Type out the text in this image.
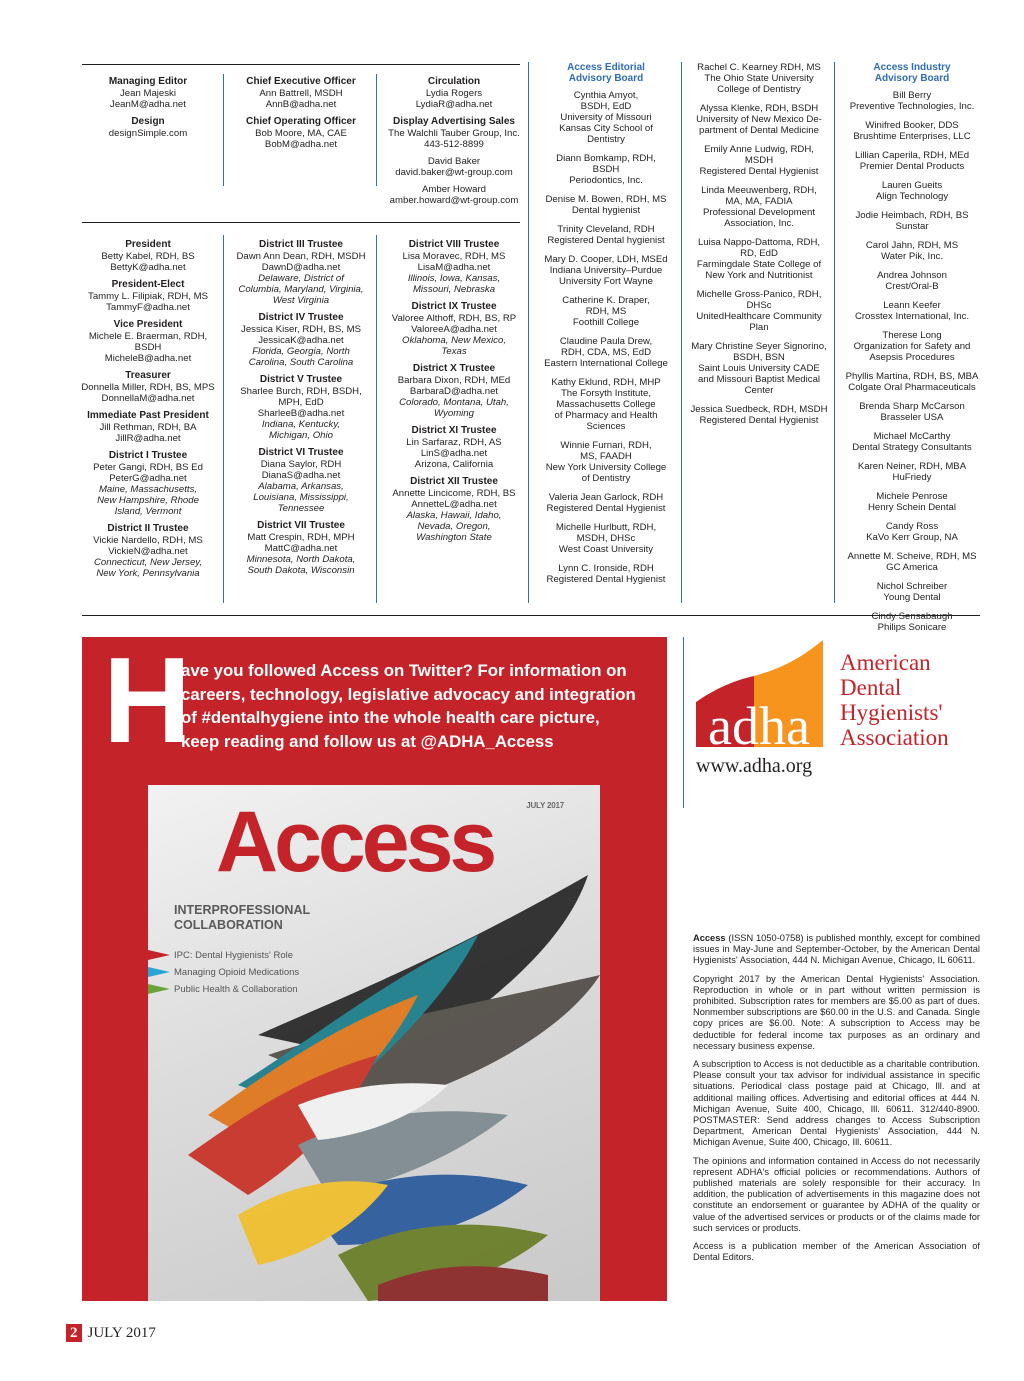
Managing Editor
Jean Majeski
JeanM@adha.net
Design
designSimple.com
Chief Executive Officer
Ann Battrell, MSDH
AnnB@adha.net
Chief Operating Officer
Bob Moore, MA, CAE
BobM@adha.net
Circulation
Lydia Rogers
LydiaR@adha.net
Display Advertising Sales
The Walchli Tauber Group, Inc.
443-512-8899
David Baker
david.baker@wt-group.com
Amber Howard
amber.howard@wt-group.com
President
Betty Kabel, RDH, BS
BettyK@adha.net
President-Elect
Tammy L. Filipiak, RDH, MS
TammyF@adha.net
Vice President
Michele E. Braerman, RDH,
BSDH
MicheleB@adha.net
Treasurer
Donnella Miller, RDH, BS, MPS
DonnellaM@adha.net
Immediate Past President
Jill Rethman, RDH, BA
JillR@adha.net
District I Trustee
Peter Gangi, RDH, BS Ed
PeterG@adha.net
Maine, Massachusetts,
New Hampshire, Rhode
Island, Vermont
District II Trustee
Vickie Nardello, RDH, MS
VickieN@adha.net
Connecticut, New Jersey,
New York, Pennsylvania
District III Trustee
Dawn Ann Dean, RDH, MSDH
DawnD@adha.net
Delaware, District of
Columbia, Maryland, Virginia,
West Virginia
District IV Trustee
Jessica Kiser, RDH, BS, MS
JessicaK@adha.net
Florida, Georgia, North
Carolina, South Carolina
District V Trustee
Sharlee Burch, RDH, BSDH,
MPH, EdD
SharleeB@adha.net
Indiana, Kentucky,
Michigan, Ohio
District VI Trustee
Diana Saylor, RDH
DianaS@adha.net
Alabama, Arkansas,
Louisiana, Mississippi,
Tennessee
District VII Trustee
Matt Crespin, RDH, MPH
MattC@adha.net
Minnesota, North Dakota,
South Dakota, Wisconsin
District VIII Trustee
Lisa Moravec, RDH, MS
LisaM@adha.net
Illinois, Iowa, Kansas,
Missouri, Nebraska
District IX Trustee
Valoree Althoff, RDH, BS, RP
ValoreeA@adha.net
Oklahoma, New Mexico,
Texas
District X Trustee
Barbara Dixon, RDH, MEd
BarbaraD@adha.net
Colorado, Montana, Utah,
Wyoming
District XI Trustee
Lin Sarfaraz, RDH, AS
LinS@adha.net
Arizona, California
District XII Trustee
Annette Lincicome, RDH, BS
AnnetteL@adha.net
Alaska, Hawaii, Idaho,
Nevada, Oregon,
Washington State
Access Editorial
Advisory Board
Cynthia Amyot,
BSDH, EdD
University of Missouri
Kansas City School of
Dentistry
Diann Bomkamp, RDH,
BSDH
Periodontics, Inc.
Denise M. Bowen, RDH, MS
Dental hygienist
Trinity Cleveland, RDH
Registered Dental hygienist
Mary D. Cooper, LDH, MSEd
Indiana University–Purdue
University Fort Wayne
Catherine K. Draper,
RDH, MS
Foothill College
Claudine Paula Drew,
RDH, CDA, MS, EdD
Eastern International College
Kathy Eklund, RDH, MHP
The Forsyth Institute,
Massachusetts College
of Pharmacy and Health
Sciences
Winnie Furnari, RDH,
MS, FAADH
New York University College
of Dentistry
Valeria Jean Garlock, RDH
Registered Dental Hygienist
Michelle Hurlbutt, RDH,
MSDH, DHSc
West Coast University
Lynn C. Ironside, RDH
Registered Dental Hygienist
Rachel C. Kearney RDH, MS
The Ohio State University
College of Dentistry
Alyssa Klenke, RDH, BSDH
University of New Mexico De-
partment of Dental Medicine
Emily Anne Ludwig, RDH,
MSDH
Registered Dental Hygienist
Linda Meeuwenberg, RDH,
MA, MA, FADIA
Professional Development
Association, Inc.
Luisa Nappo-Dattoma, RDH,
RD, EdD
Farmingdale State College of
New York and Nutritionist
Michelle Gross-Panico, RDH,
DHSc
UnitedHealthcare Community
Plan
Mary Christine Seyer Signorino,
BSDH, BSN
Saint Louis University CADE
and Missouri Baptist Medical
Center
Jessica Suedbeck, RDH, MSDH
Registered Dental Hygienist
Access Industry
Advisory Board
Bill Berry
Preventive Technologies, Inc.
Winifred Booker, DDS
Brushtime Enterprises, LLC
Lillian Caperila, RDH, MEd
Premier Dental Products
Lauren Gueits
Align Technology
Jodie Heimbach, RDH, BS
Sunstar
Carol Jahn, RDH, MS
Water Pik, Inc.
Andrea Johnson
Crest/Oral-B
Leann Keefer
Crosstex International, Inc.
Therese Long
Organization for Safety and
Asepsis Procedures
Phyllis Martina, RDH, BS, MBA
Colgate Oral Pharmaceuticals
Brenda Sharp McCarson
Brasseler USA
Michael McCarthy
Dental Strategy Consultants
Karen Neiner, RDH, MBA
HuFriedy
Michele Penrose
Henry Schein Dental
Candy Ross
KaVo Kerr Group, NA
Annette M. Scheive, RDH, MS
GC America
Nichol Schreiber
Young Dental
Cindy Sensabaugh
Philips Sonicare
H
ave you followed Access on Twitter? For information on
careers, technology, legislative advocacy and integration
of #dentalhygiene into the whole health care picture,
keep reading and follow us at @ADHA_Access
JULY 2017
Access
INTERPROFESSIONAL
COLLABORATION
IPC: Dental Hygienists' Role
Managing Opioid Medications
Public Health & Collaboration
adha
American
Dental
Hygienists'
Association
www.adha.org

Access (ISSN 1050-0758) is published monthly, except for combined issues in May-June and September-October, by the American Dental Hygienists' Association, 444 N. Michigan Avenue, Chicago, IL 60611.

Copyright 2017 by the American Dental Hygienists' Association. Reproduction in whole or in part without written permission is prohibited. Subscription rates for members are $5.00 as part of dues. Nonmember subscriptions are $60.00 in the U.S. and Canada. Single copy prices are $6.00. Note: A subscription to Access may be deductible for federal income tax purposes as an ordinary and necessary business expense.

A subscription to Access is not deductible as a charitable contribution. Please consult your tax advisor for individual assistance in specific situations. Periodical class postage paid at Chicago, Ill. and at additional mailing offices. Advertising and editorial offices at 444 N. Michigan Avenue, Suite 400, Chicago, Ill. 60611. 312/440-8900. POSTMASTER: Send address changes to Access Subscription Department, American Dental Hygienists' Association, 444 N. Michigan Avenue, Suite 400, Chicago, Ill. 60611.

The opinions and information contained in Access do not necessarily represent ADHA's official policies or recommendations. Authors of published materials are solely responsible for their accuracy. In addition, the publication of advertisements in this magazine does not constitute an endorsement or guarantee by ADHA of the quality or value of the advertised services or products or of the claims made for such services or products.

Access is a publication member of the American Association of Dental Editors.

2 JULY 2017
